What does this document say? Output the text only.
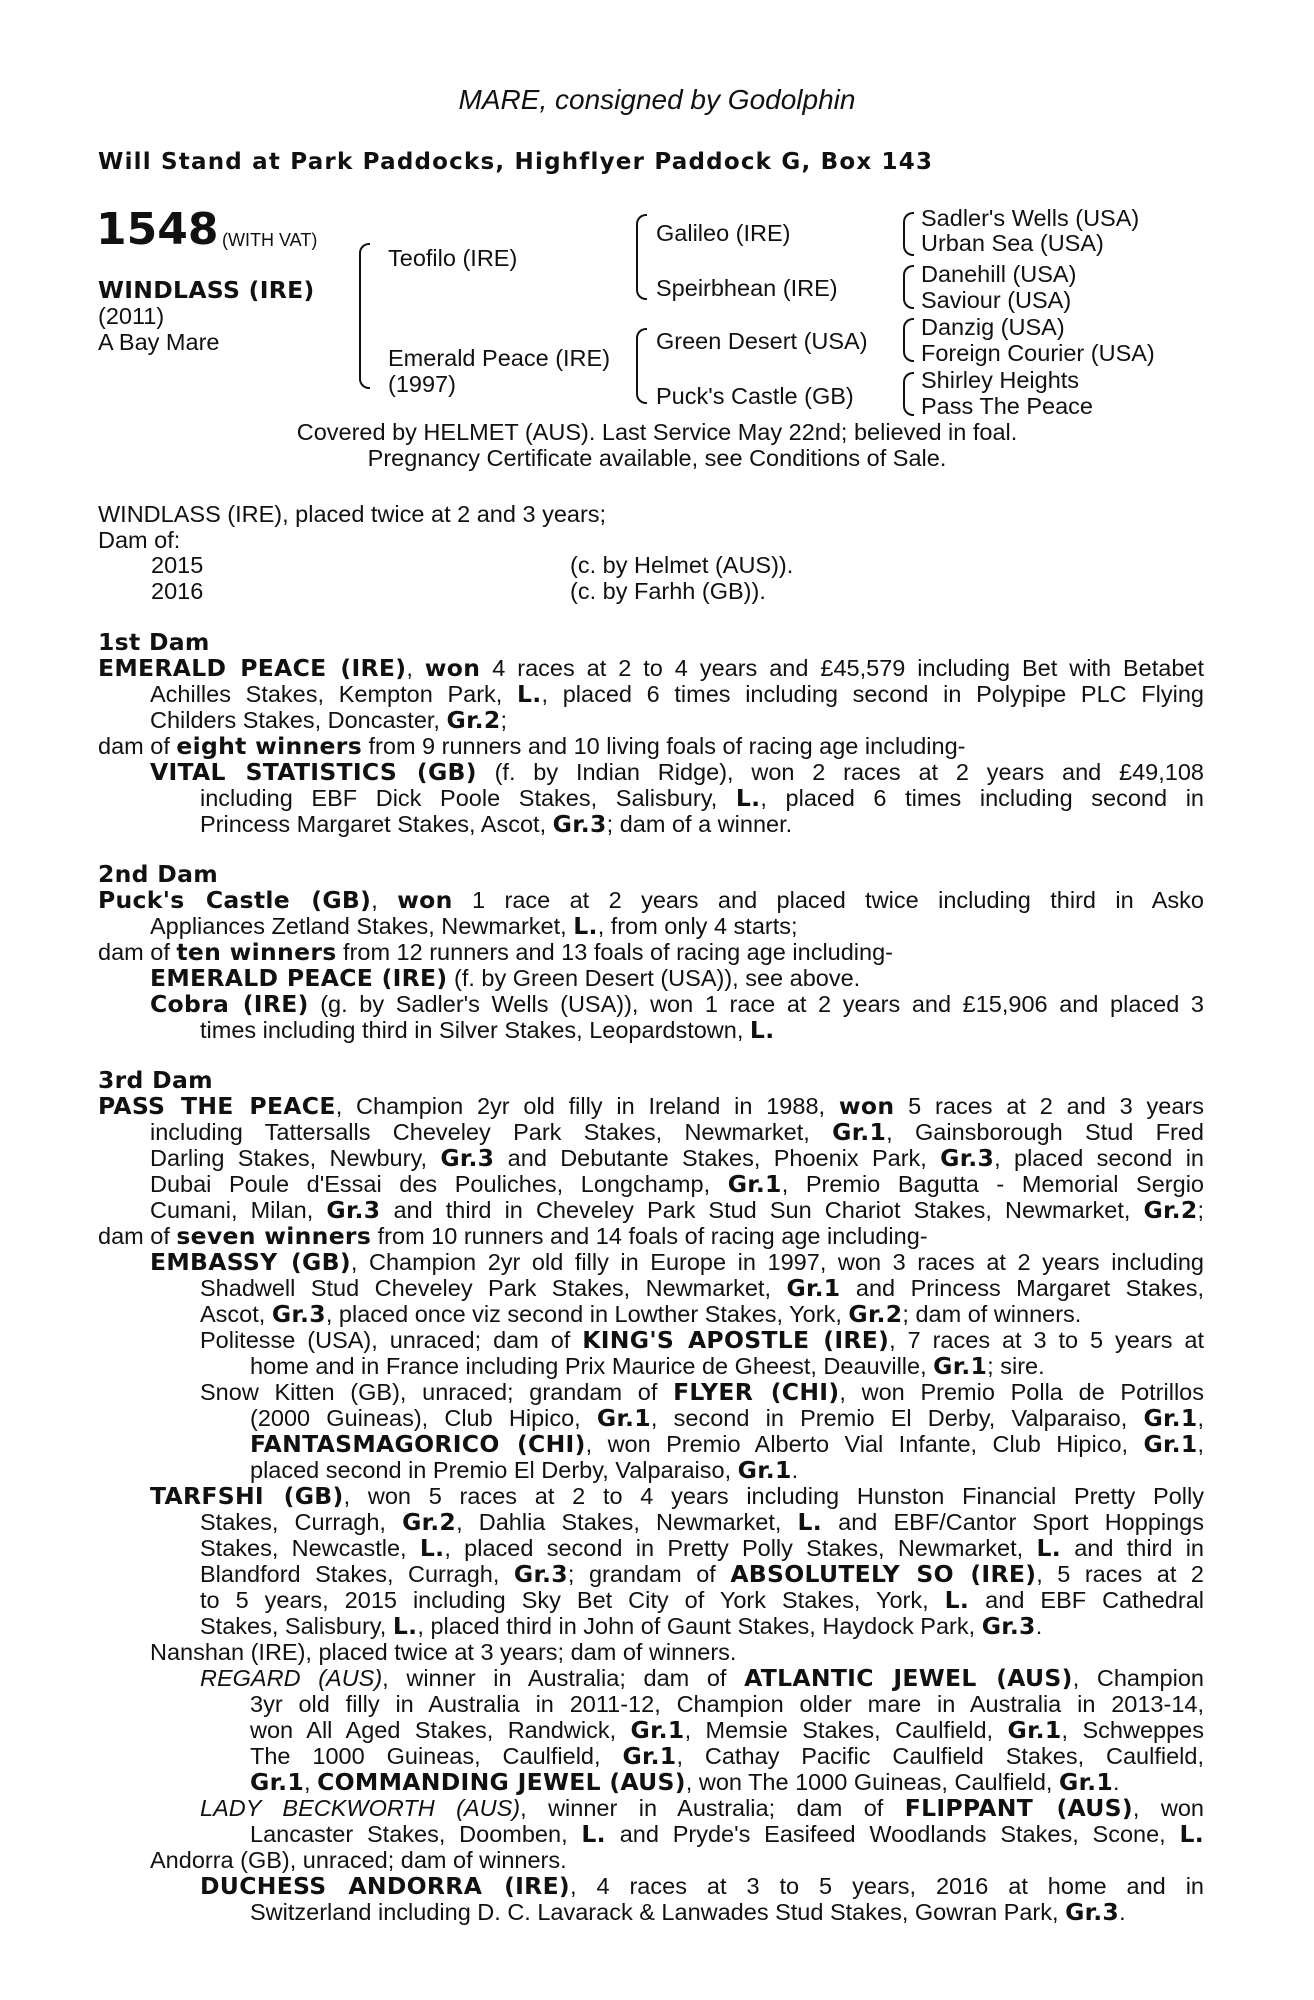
MARE, consigned by Godolphin
Will Stand at Park Paddocks, Highflyer Paddock G, Box 143
1548 (WITH VAT)
WINDLASS (IRE)
(2011)
A Bay Mare
Teofilo (IRE)
Emerald Peace (IRE)
(1997)
Galileo (IRE)
Speirbhean (IRE)
Green Desert (USA)
Puck's Castle (GB)
Sadler's Wells (USA)
Urban Sea (USA)
Danehill (USA)
Saviour (USA)
Danzig (USA)
Foreign Courier (USA)
Shirley Heights
Pass The Peace
Covered by HELMET (AUS). Last Service May 22nd; believed in foal.
Pregnancy Certificate available, see Conditions of Sale.
WINDLASS (IRE), placed twice at 2 and 3 years;
Dam of:
2015	(c. by Helmet (AUS)).
2016	(c. by Farhh (GB)).
1st Dam
EMERALD PEACE (IRE), won 4 races at 2 to 4 years and £45,579 including Bet with Betabet
Achilles Stakes, Kempton Park, L., placed 6 times including second in Polypipe PLC Flying
Childers Stakes, Doncaster, Gr.2;
dam of eight winners from 9 runners and 10 living foals of racing age including-
VITAL STATISTICS (GB) (f. by Indian Ridge), won 2 races at 2 years and £49,108
including EBF Dick Poole Stakes, Salisbury, L., placed 6 times including second in
Princess Margaret Stakes, Ascot, Gr.3; dam of a winner.
2nd Dam
Puck's Castle (GB), won 1 race at 2 years and placed twice including third in Asko
Appliances Zetland Stakes, Newmarket, L., from only 4 starts;
dam of ten winners from 12 runners and 13 foals of racing age including-
EMERALD PEACE (IRE) (f. by Green Desert (USA)), see above.
Cobra (IRE) (g. by Sadler's Wells (USA)), won 1 race at 2 years and £15,906 and placed 3
times including third in Silver Stakes, Leopardstown, L.
3rd Dam
PASS THE PEACE, Champion 2yr old filly in Ireland in 1988, won 5 races at 2 and 3 years
including Tattersalls Cheveley Park Stakes, Newmarket, Gr.1, Gainsborough Stud Fred
Darling Stakes, Newbury, Gr.3 and Debutante Stakes, Phoenix Park, Gr.3, placed second in
Dubai Poule d'Essai des Pouliches, Longchamp, Gr.1, Premio Bagutta - Memorial Sergio
Cumani, Milan, Gr.3 and third in Cheveley Park Stud Sun Chariot Stakes, Newmarket, Gr.2;
dam of seven winners from 10 runners and 14 foals of racing age including-
EMBASSY (GB), Champion 2yr old filly in Europe in 1997, won 3 races at 2 years including
Shadwell Stud Cheveley Park Stakes, Newmarket, Gr.1 and Princess Margaret Stakes,
Ascot, Gr.3, placed once viz second in Lowther Stakes, York, Gr.2; dam of winners.
Politesse (USA), unraced; dam of KING'S APOSTLE (IRE), 7 races at 3 to 5 years at
home and in France including Prix Maurice de Gheest, Deauville, Gr.1; sire.
Snow Kitten (GB), unraced; grandam of FLYER (CHI), won Premio Polla de Potrillos
(2000 Guineas), Club Hipico, Gr.1, second in Premio El Derby, Valparaiso, Gr.1,
FANTASMAGORICO (CHI), won Premio Alberto Vial Infante, Club Hipico, Gr.1,
placed second in Premio El Derby, Valparaiso, Gr.1.
TARFSHI (GB), won 5 races at 2 to 4 years including Hunston Financial Pretty Polly
Stakes, Curragh, Gr.2, Dahlia Stakes, Newmarket, L. and EBF/Cantor Sport Hoppings
Stakes, Newcastle, L., placed second in Pretty Polly Stakes, Newmarket, L. and third in
Blandford Stakes, Curragh, Gr.3; grandam of ABSOLUTELY SO (IRE), 5 races at 2
to 5 years, 2015 including Sky Bet City of York Stakes, York, L. and EBF Cathedral
Stakes, Salisbury, L., placed third in John of Gaunt Stakes, Haydock Park, Gr.3.
Nanshan (IRE), placed twice at 3 years; dam of winners.
REGARD (AUS), winner in Australia; dam of ATLANTIC JEWEL (AUS), Champion
3yr old filly in Australia in 2011-12, Champion older mare in Australia in 2013-14,
won All Aged Stakes, Randwick, Gr.1, Memsie Stakes, Caulfield, Gr.1, Schweppes
The 1000 Guineas, Caulfield, Gr.1, Cathay Pacific Caulfield Stakes, Caulfield,
Gr.1, COMMANDING JEWEL (AUS), won The 1000 Guineas, Caulfield, Gr.1.
LADY BECKWORTH (AUS), winner in Australia; dam of FLIPPANT (AUS), won
Lancaster Stakes, Doomben, L. and Pryde's Easifeed Woodlands Stakes, Scone, L.
Andorra (GB), unraced; dam of winners.
DUCHESS ANDORRA (IRE), 4 races at 3 to 5 years, 2016 at home and in
Switzerland including D. C. Lavarack & Lanwades Stud Stakes, Gowran Park, Gr.3.
